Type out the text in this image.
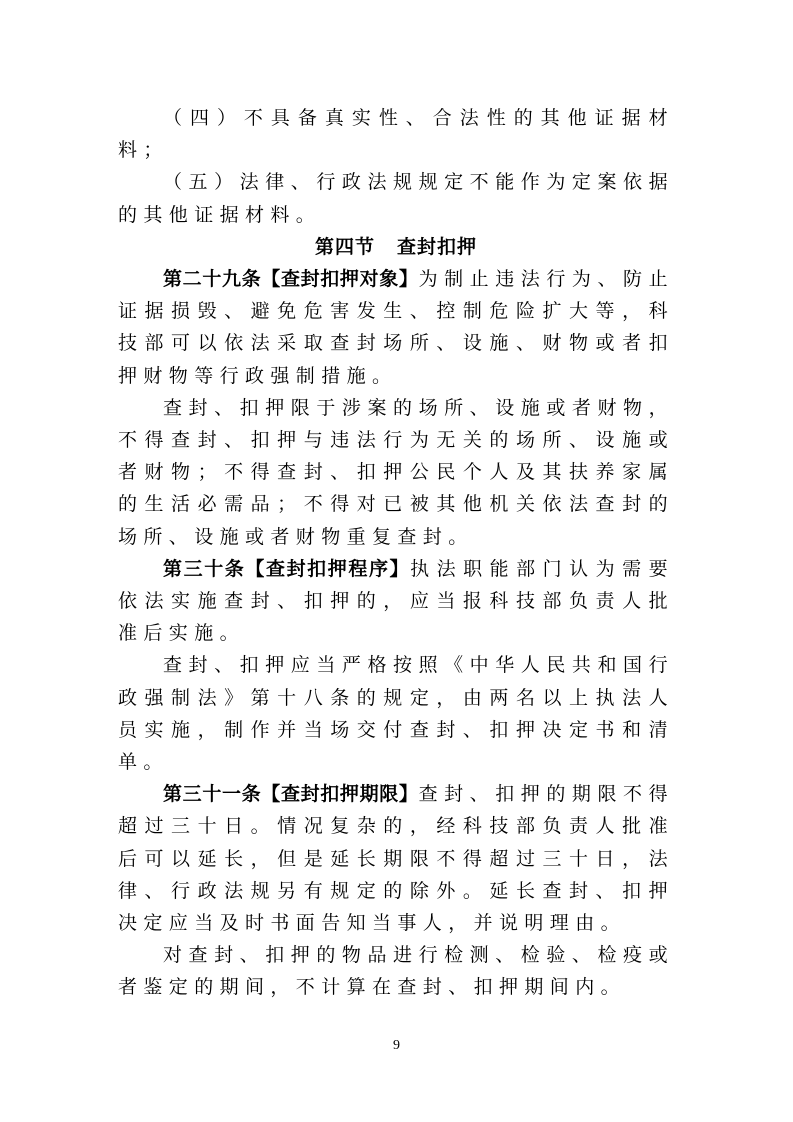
（四）不具备真实性、合法性的其他证据材料；

（五）法律、行政法规规定不能作为定案依据的其他证据材料。

第四节 查封扣押

第二十九条【查封扣押对象】为制止违法行为、防止证据损毁、避免危害发生、控制危险扩大等，科技部可以依法采取查封场所、设施、财物或者扣押财物等行政强制措施。

查封、扣押限于涉案的场所、设施或者财物，不得查封、扣押与违法行为无关的场所、设施或者财物；不得查封、扣押公民个人及其扶养家属的生活必需品；不得对已被其他机关依法查封的场所、设施或者财物重复查封。

第三十条【查封扣押程序】执法职能部门认为需要依法实施查封、扣押的，应当报科技部负责人批准后实施。

查封、扣押应当严格按照《中华人民共和国行政强制法》第十八条的规定，由两名以上执法人员实施，制作并当场交付查封、扣押决定书和清单。

第三十一条【查封扣押期限】查封、扣押的期限不得超过三十日。情况复杂的，经科技部负责人批准后可以延长，但是延长期限不得超过三十日，法律、行政法规另有规定的除外。延长查封、扣押决定应当及时书面告知当事人，并说明理由。

对查封、扣押的物品进行检测、检验、检疫或者鉴定的期间，不计算在查封、扣押期间内。

9
